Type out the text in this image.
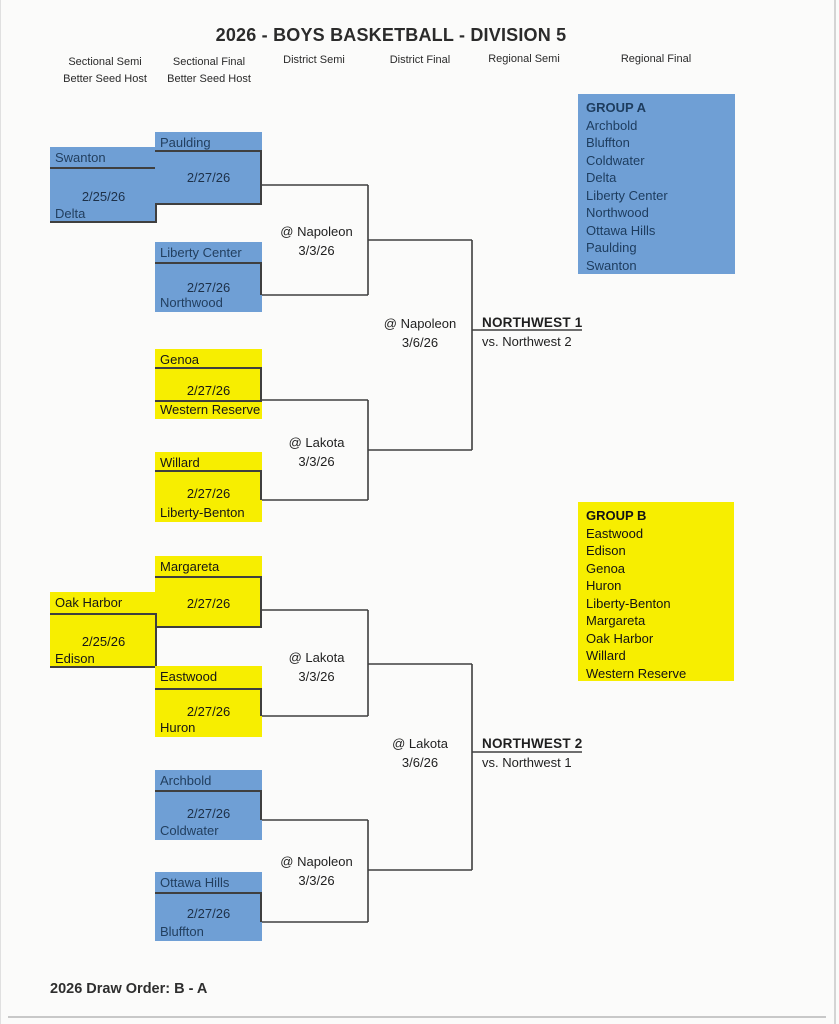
2026 - BOYS BASKETBALL - DIVISION 5
Sectional Semi
Better Seed Host
Sectional Final
Better Seed Host
District Semi	District Final	Regional Semi	Regional Final
Swanton
2/25/26
Delta
Paulding
2/27/26
Liberty Center
2/27/26
Northwood
Genoa
2/27/26
Western Reserve
Willard
2/27/26
Liberty-Benton
Margareta
2/27/26
Oak Harbor
2/25/26
Edison
Eastwood
2/27/26
Huron
Archbold
2/27/26
Coldwater
Ottawa Hills
2/27/26
Bluffton
@ Napoleon
3/3/26
@ Lakota
3/3/26
@ Lakota
3/3/26
@ Napoleon
3/3/26
@ Napoleon
3/6/26
@ Lakota
3/6/26
NORTHWEST 1
vs. Northwest 2
NORTHWEST 2
vs. Northwest 1
GROUP A
Archbold
Bluffton
Coldwater
Delta
Liberty Center
Northwood
Ottawa Hills
Paulding
Swanton
GROUP B
Eastwood
Edison
Genoa
Huron
Liberty-Benton
Margareta
Oak Harbor
Willard
Western Reserve
2026 Draw Order: B - A
